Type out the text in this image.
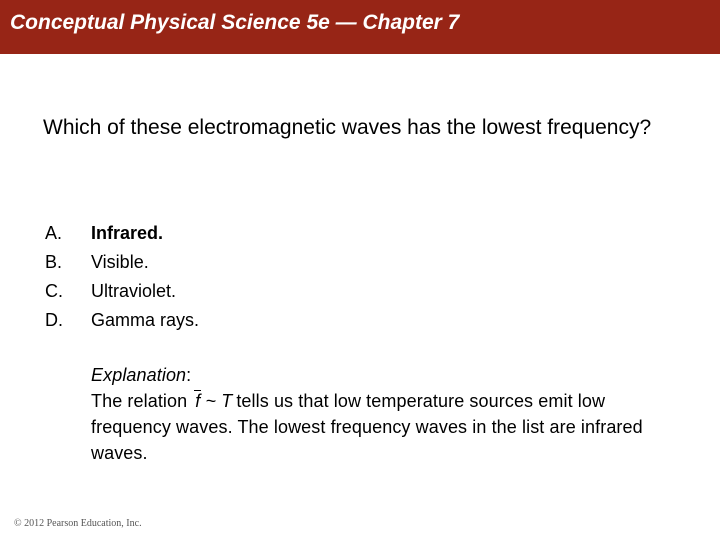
Conceptual Physical Science 5e — Chapter 7
Which of these electromagnetic waves has the lowest frequency?
A. Infrared.
B. Visible.
C. Ultraviolet.
D. Gamma rays.
Explanation:
The relation f ~ T tells us that low temperature sources emit low frequency waves. The lowest frequency waves in the list are infrared waves.
© 2012 Pearson Education, Inc.
